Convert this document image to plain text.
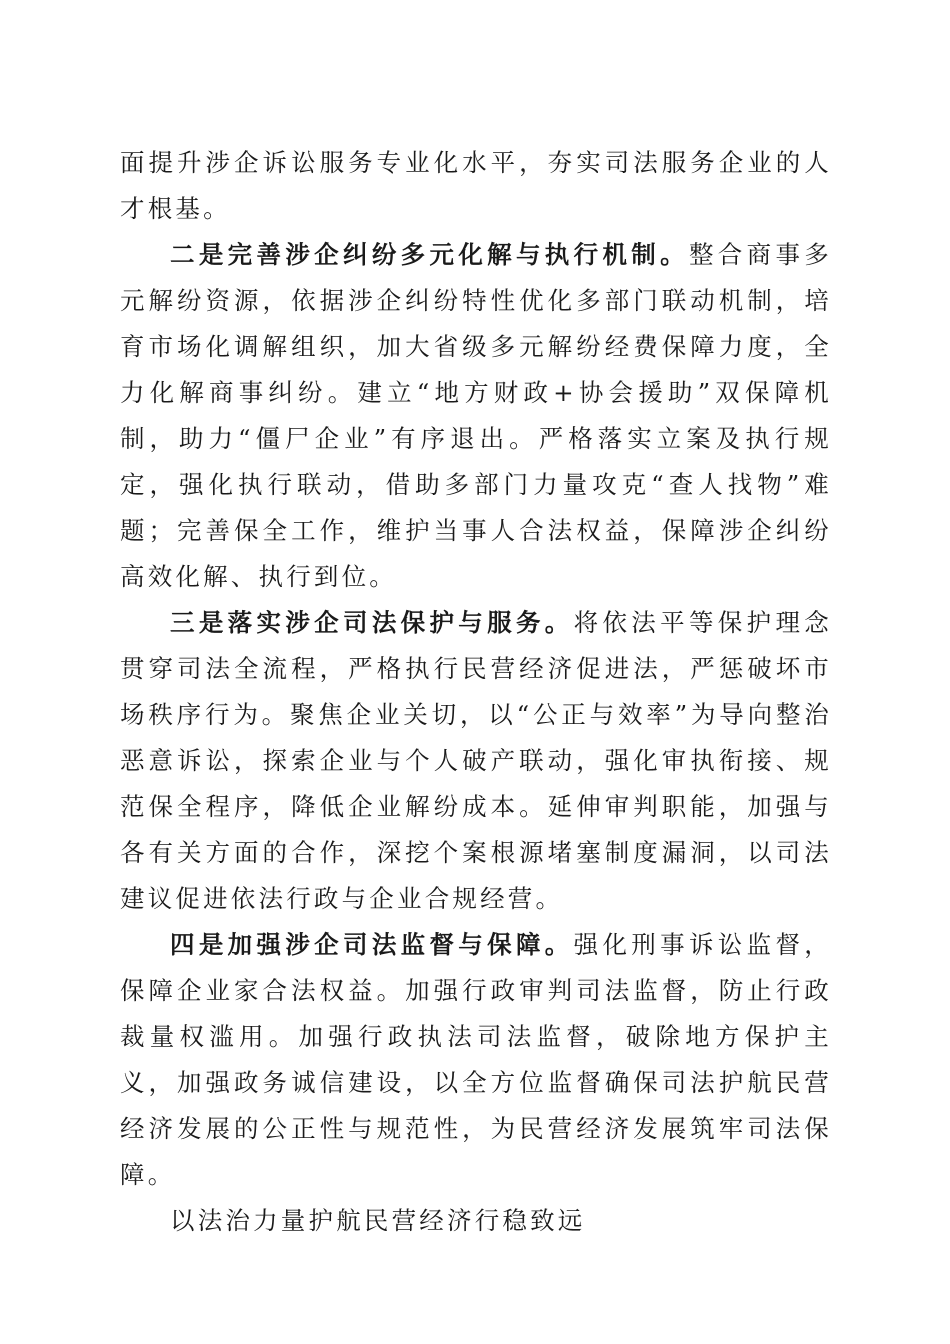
面提升涉企诉讼服务专业化水平，夯实司法服务企业的人才根基。

二是完善涉企纠纷多元化解与执行机制。整合商事多元解纷资源，依据涉企纠纷特性优化多部门联动机制，培育市场化调解组织，加大省级多元解纷经费保障力度，全力化解商事纠纷。建立“地方财政+协会援助”双保障机制，助力“僵尸企业”有序退出。严格落实立案及执行规定，强化执行联动，借助多部门力量攻克“查人找物”难题；完善保全工作，维护当事人合法权益，保障涉企纠纷高效化解、执行到位。

三是落实涉企司法保护与服务。将依法平等保护理念贯穿司法全流程，严格执行民营经济促进法，严惩破坏市场秩序行为。聚焦企业关切，以“公正与效率”为导向整治恶意诉讼，探索企业与个人破产联动，强化审执衔接、规范保全程序，降低企业解纷成本。延伸审判职能，加强与各有关方面的合作，深挖个案根源堵塞制度漏洞，以司法建议促进依法行政与企业合规经营。

四是加强涉企司法监督与保障。强化刑事诉讼监督，保障企业家合法权益。加强行政审判司法监督，防止行政裁量权滥用。加强行政执法司法监督，破除地方保护主义，加强政务诚信建设，以全方位监督确保司法护航民营经济发展的公正性与规范性，为民营经济发展筑牢司法保障。

以法治力量护航民营经济行稳致远
